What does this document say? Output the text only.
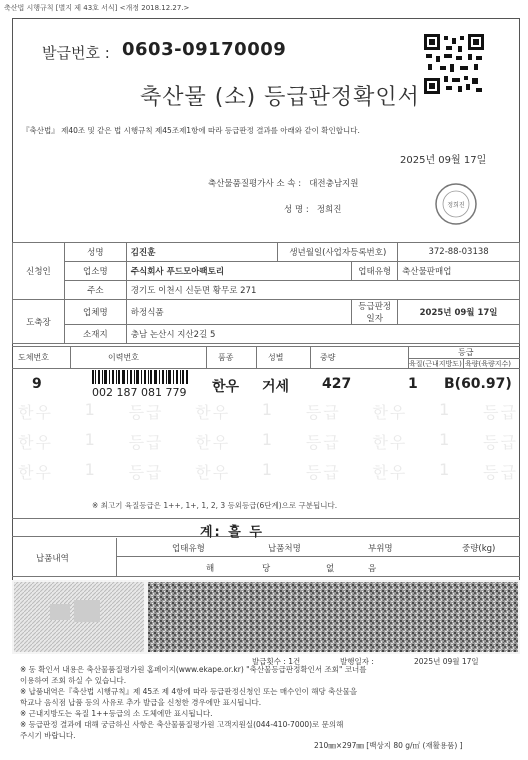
축산법 시행규칙 [별지 제 43호 서식] <개정 2018.12.27.>
발급번호 : 0603-09170009
축산물 (소) 등급판정확인서
『축산법』 제40조 및 같은 법 시행규칙 제45조제1항에 따라 등급판정 결과를 아래와 같이 확인합니다.
2025년 09월 17일
축산물품질평가사 소 속 : 대전충남지원
성 명 : 정희진	정희진
신청인	성명	김진훈	생년월일(사업자등록번호)		372-88-03138
	업소명	주식회사 푸드모아팩토리		업태유형	축산물판매업
	주소	경기도 이천시 신둔면 황무로 271			
도축장	업체명	하정식품		등급판정일자	2025년 09월 17일
	소재지	충남 논산시 지산2길 5			
도체번호	이력번호	품종	성별	중량
등급
육질(근내지방도) 육량(육량지수)
9
002 187 081 779 한우 거세 427	1 B(60.97)
한우 1 등급 한우 1 등급 한우 1 등급
한우 1 등급 한우 1 등급 한우 1 등급
한우 1 등급 한우 1 등급 한우 1 등급
※ 최고기 육질등급은 1++, 1+, 1, 2, 3 등외등급(6단계)으로 구분됩니다.
계: 흘 두
납품내역
업태유형	납품처명	부위명	중량(kg)
해	당	없	음
발급횟수 : 1건	발행일자 :	2025년 09월 17일
※ 동 확인서 내용은 축산물품질평가원 홈페이지(www.ekape.or.kr) "축산물등급판정확인서 조회" 코너를
이용하여 조회 하실 수 있습니다.
※ 납품내역은『축산법 시행규칙』제 45조 제 4항에 따라 등급판정신청인 또는 매수인이 해당 축산물을
학교나 음식점 납품 등의 사유로 추가 발급을 신청한 경우에만 표시됩니다.
※ 근내지방도는 육질 1++등급의 소 도체에만 표시됩니다.
※ 등급판정 결과에 대해 궁금하신 사항은 축산물품질평가원 고객지원실(044-410-7000)로 문의해
주시기 바랍니다.
210㎜×297㎜ [백상지 80 g/㎡ (재활용품) ]
